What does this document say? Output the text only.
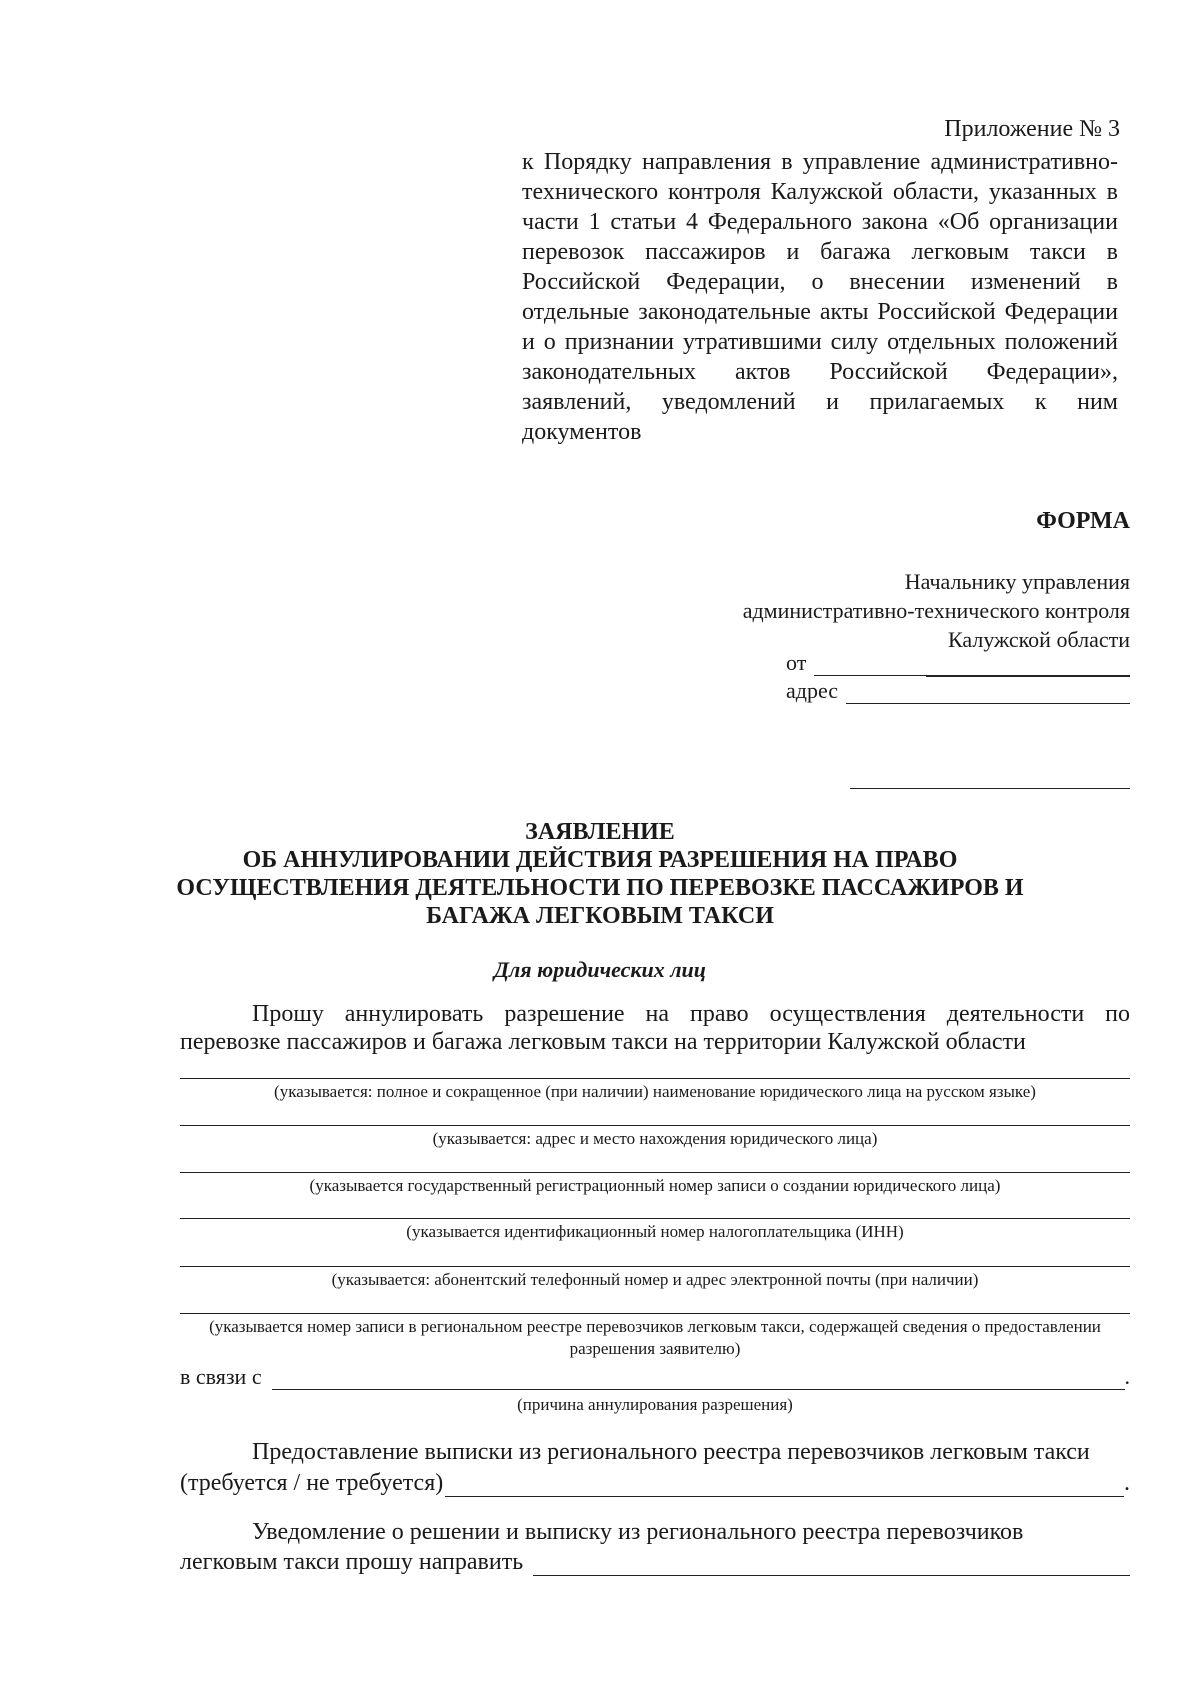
Приложение № 3
к Порядку направления в управление административно-технического контроля Калужской области, указанных в части 1 статьи 4 Федерального закона «Об организации перевозок пассажиров и багажа легковым такси в Российской Федерации, о внесении изменений в отдельные законодательные акты Российской Федерации и о признании утратившими силу отдельных положений законодательных актов Российской Федерации», заявлений, уведомлений и прилагаемых к ним документов
ФОРМА
Начальнику управления
административно-технического контроля
Калужской области
от
адрес
ЗАЯВЛЕНИЕ
ОБ АННУЛИРОВАНИИ ДЕЙСТВИЯ РАЗРЕШЕНИЯ НА ПРАВО
ОСУЩЕСТВЛЕНИЯ ДЕЯТЕЛЬНОСТИ ПО ПЕРЕВОЗКЕ ПАССАЖИРОВ И
БАГАЖА ЛЕГКОВЫМ ТАКСИ
Для юридических лиц
Прошу аннулировать разрешение на право осуществления деятельности по перевозке пассажиров и багажа легковым такси на территории Калужской области
(указывается: полное и сокращенное (при наличии) наименование юридического лица на русском языке)
(указывается: адрес и место нахождения юридического лица)
(указывается государственный регистрационный номер записи о создании юридического лица)
(указывается идентификационный номер налогоплательщика (ИНН)
(указывается: абонентский телефонный номер и адрес электронной почты (при наличии)
(указывается номер записи в региональном реестре перевозчиков легковым такси, содержащей сведения о предоставлении разрешения заявителю)
в связи с	.
(причина аннулирования разрешения)
Предоставление выписки из регионального реестра перевозчиков легковым такси
(требуется / не требуется)	.
Уведомление о решении и выписку из регионального реестра перевозчиков
легковым такси прошу направить
